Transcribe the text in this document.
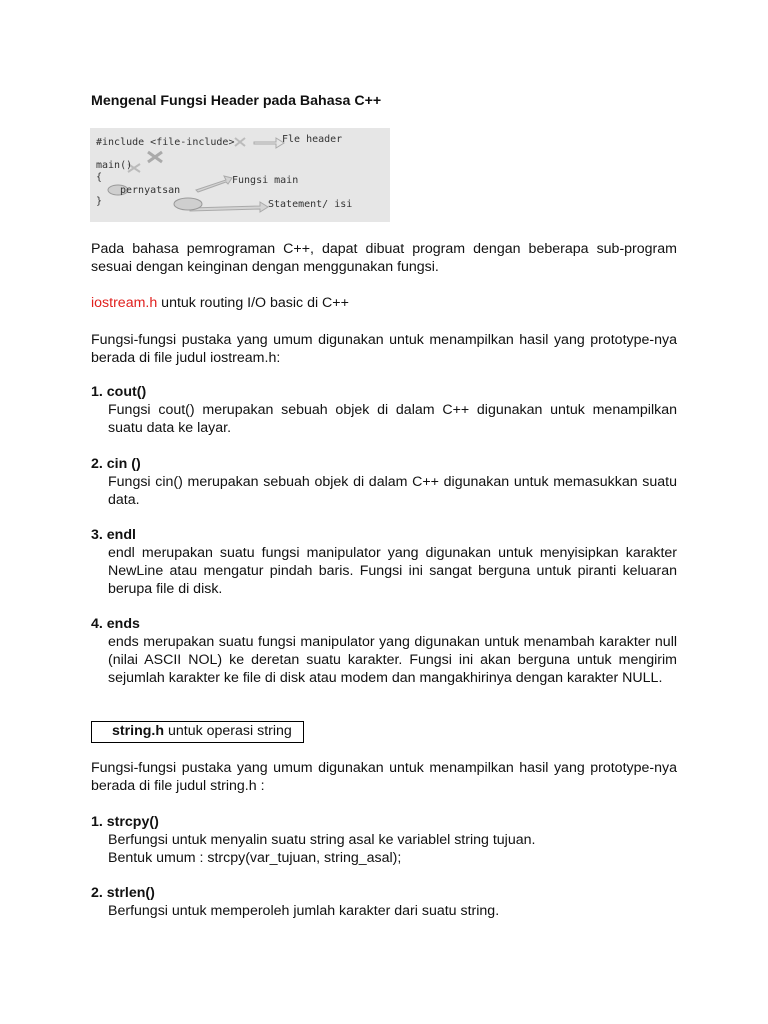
Mengenal Fungsi Header pada Bahasa C++
#include <file-include>	Fle header
main()
{
pernyatsan
}
Fungsi main
Statement/ isi
Pada bahasa pemrograman C++, dapat dibuat program dengan beberapa sub-program sesuai dengan keinginan dengan menggunakan fungsi.
iostream.h untuk routing I/O basic di C++
Fungsi-fungsi pustaka yang umum digunakan untuk menampilkan hasil yang prototype-nya berada di file judul iostream.h:
1. cout()
Fungsi cout() merupakan sebuah objek di dalam C++ digunakan untuk menampilkan suatu data ke layar.
2. cin ()
Fungsi cin() merupakan sebuah objek di dalam C++ digunakan untuk memasukkan suatu data.
3. endl
endl merupakan suatu fungsi manipulator yang digunakan untuk menyisipkan karakter NewLine atau mengatur pindah baris. Fungsi ini sangat berguna untuk piranti keluaran berupa file di disk.
4. ends
ends merupakan suatu fungsi manipulator yang digunakan untuk menambah karakter null (nilai ASCII NOL) ke deretan suatu karakter. Fungsi ini akan berguna untuk mengirim sejumlah karakter ke file di disk atau modem dan mangakhirinya dengan karakter NULL.
string.h untuk operasi string
Fungsi-fungsi pustaka yang umum digunakan untuk menampilkan hasil yang prototype-nya berada di file judul string.h :
1. strcpy()
Berfungsi untuk menyalin suatu string asal ke variablel string tujuan.
Bentuk umum : strcpy(var_tujuan, string_asal);
2. strlen()
Berfungsi untuk memperoleh jumlah karakter dari suatu string.
